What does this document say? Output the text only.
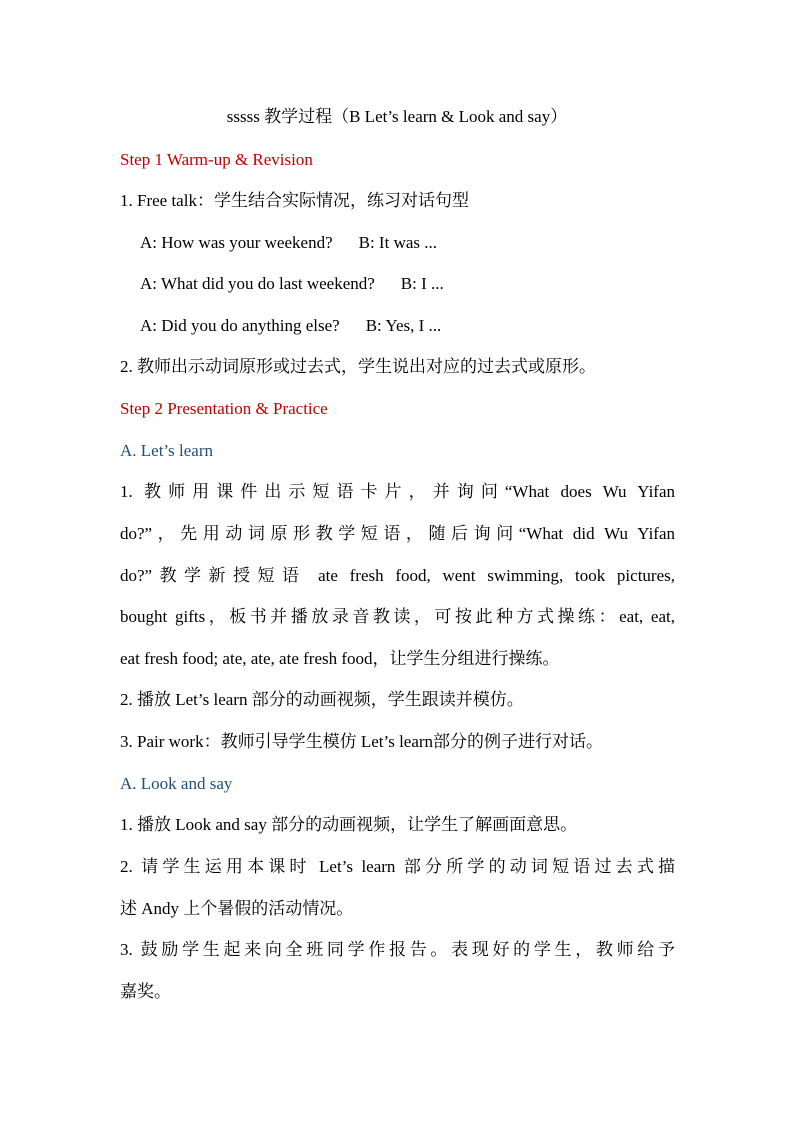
sssss 教学过程（B Let’s learn & Look and say）
Step 1 Warm-up & Revision
1. Free talk：学生结合实际情况，练习对话句型
A: How was your weekend? B: It was ...
A: What did you do last weekend? B: I ...
A: Did you do anything else? B: Yes, I ...
2. 教师出示动词原形或过去式，学生说出对应的过去式或原形。
Step 2 Presentation & Practice
A. Let’s learn
1. 教师用课件出示短语卡片，并询问“What does Wu Yifan
do?”，先用动词原形教学短语，随后询问“What did Wu Yifan
do?”教学新授短语 ate fresh food, went swimming, took pictures,
bought gifts，板书并播放录音教读，可按此种方式操练：eat, eat,
eat fresh food; ate, ate, ate fresh food，让学生分组进行操练。
2. 播放 Let’s learn 部分的动画视频，学生跟读并模仿。
3. Pair work：教师引导学生模仿 Let’s learn部分的例子进行对话。
A. Look and say
1. 播放 Look and say 部分的动画视频，让学生了解画面意思。
2. 请学生运用本课时 Let’s learn 部分所学的动词短语过去式描
述 Andy 上个暑假的活动情况。
3. 鼓励学生起来向全班同学作报告。表现好的学生，教师给予
嘉奖。
